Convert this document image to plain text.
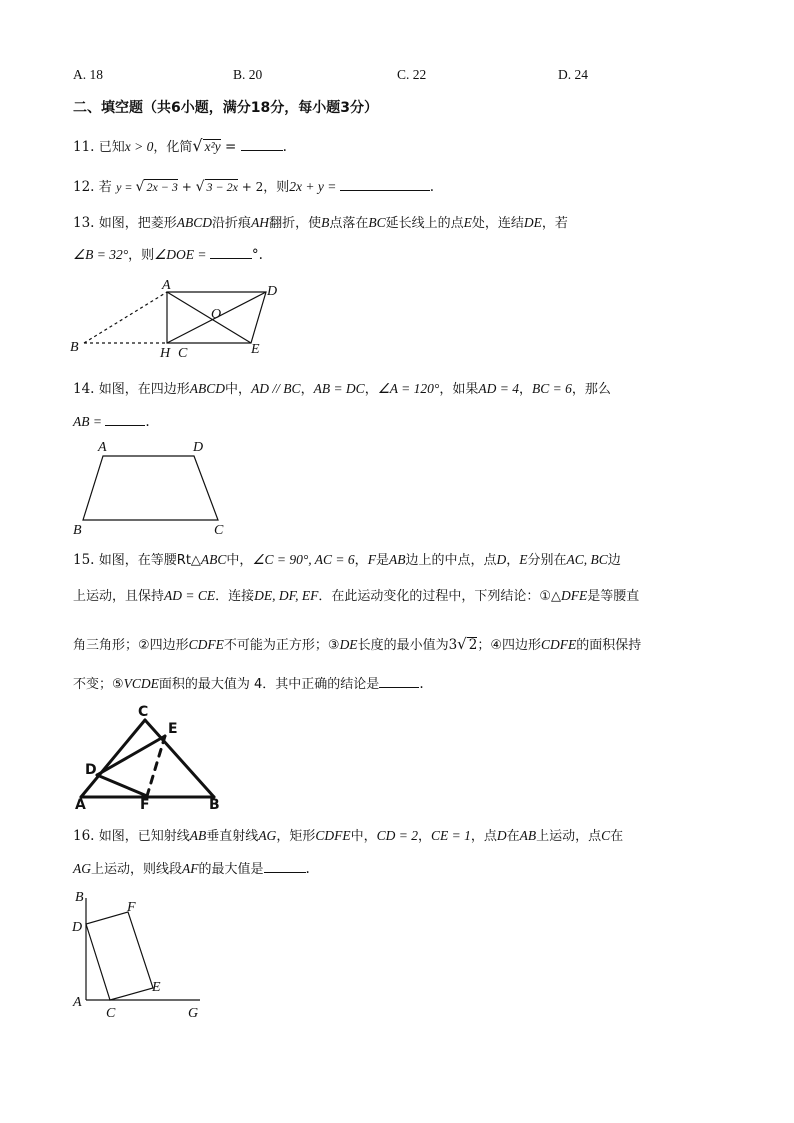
A. 18	B. 20	C. 22	D. 24
二、填空题（共6小题，满分18分，每小题3分）
11. 已知x > 0，化简√ x²y =	.
12. 若 y = √ 2x − 3 + √ 3 − 2x + 2，则2x + y =	.
13. 如图，把菱形ABCD沿折痕AH翻折，使B点落在BC延长线上的点E处，连结DE，若
∠B = 32°，则∠DOE =	°.
A	D
O
B	H C	E
14. 如图，在四边形ABCD中，AD // BC，AB = DC，∠A = 120°，如果AD = 4，BC = 6，那么
AB =	.
A	D
B	C
15. 如图，在等腰Rt△ABC中，∠C = 90°, AC = 6，F是AB边上的中点，点D，E分别在AC, BC边
上运动，且保持AD = CE．连接DE, DF, EF．在此运动变化的过程中，下列结论：①△DFE是等腰直
角三角形；②四边形CDFE不可能为正方形；③DE长度的最小值为3√ 2；④四边形CDFE的面积保持
不变；⑤VCDE面积的最大值为 4．其中正确的结论是	.
C
E
D
A	F	B
16. 如图，已知射线AB垂直射线AG，矩形CDFE中，CD = 2，CE = 1，点D在AB上运动，点C在
AG上运动，则线段AF的最大值是	.
B
F
D
E
A
C	G
